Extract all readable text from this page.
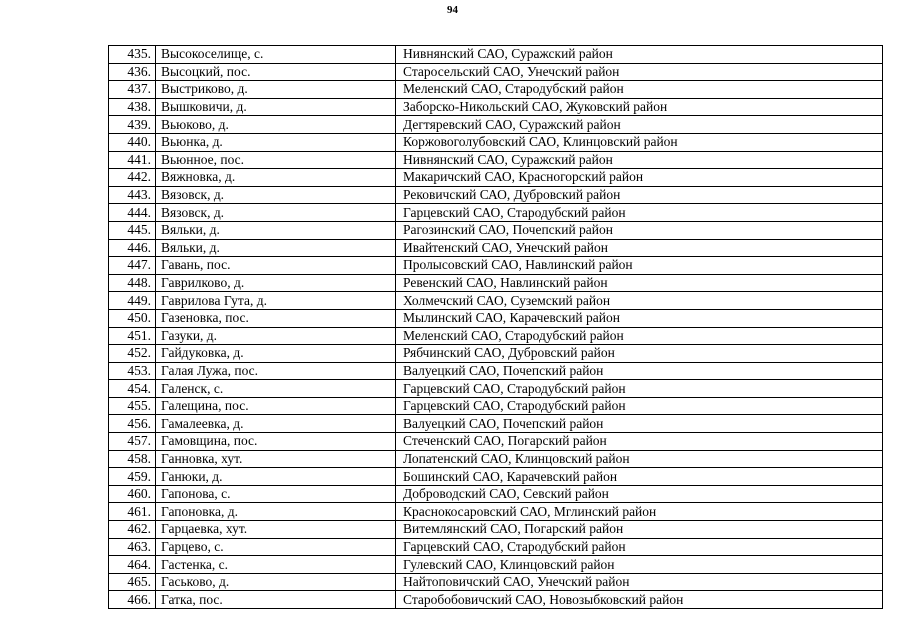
94
435.	Высокоселище, с.	Нивнянский САО, Суражский район
436.	Высоцкий, пос.	Старосельский САО, Унечский район
437.	Выстриково, д.	Меленский САО, Стародубский район
438.	Вышковичи, д.	Заборско-Никольский САО, Жуковский район
439.	Вьюково, д.	Дегтяревский САО, Суражский район
440.	Вьюнка, д.	Коржовоголубовский САО, Клинцовский район
441.	Вьюнное, пос.	Нивнянский САО, Суражский район
442.	Вяжновка, д.	Макаричский САО, Красногорский район
443.	Вязовск, д.	Рековичский САО, Дубровский район
444.	Вязовск, д.	Гарцевский САО, Стародубский район
445.	Вяльки, д.	Рагозинский САО, Почепский район
446.	Вяльки, д.	Ивайтенский САО, Унечский район
447.	Гавань, пос.	Пролысовский САО, Навлинский район
448.	Гаврилково, д.	Ревенский САО, Навлинский район
449.	Гаврилова Гута, д.	Холмечский САО, Суземский район
450.	Газеновка, пос.	Мылинский САО, Карачевский район
451.	Газуки, д.	Меленский САО, Стародубский район
452.	Гайдуковка, д.	Рябчинский САО, Дубровский район
453.	Галая Лужа, пос.	Валуецкий САО, Почепский район
454.	Галенск, с.	Гарцевский САО, Стародубский район
455.	Галещина, пос.	Гарцевский САО, Стародубский район
456.	Гамалеевка, д.	Валуецкий САО, Почепский район
457.	Гамовщина, пос.	Стеченский САО, Погарский район
458.	Ганновка, хут.	Лопатенский САО, Клинцовский район
459.	Ганюки, д.	Бошинский САО, Карачевский район
460.	Гапонова, с.	Доброводский САО, Севский район
461.	Гапоновка, д.	Краснокосаровский САО, Мглинский район
462.	Гарцаевка, хут.	Витемлянский САО, Погарский район
463.	Гарцево, с.	Гарцевский САО, Стародубский район
464.	Гастенка, с.	Гулевский САО, Клинцовский район
465.	Гаськово, д.	Найтоповичский САО, Унечский район
466.	Гатка, пос.	Старобобовичский САО, Новозыбковский район
